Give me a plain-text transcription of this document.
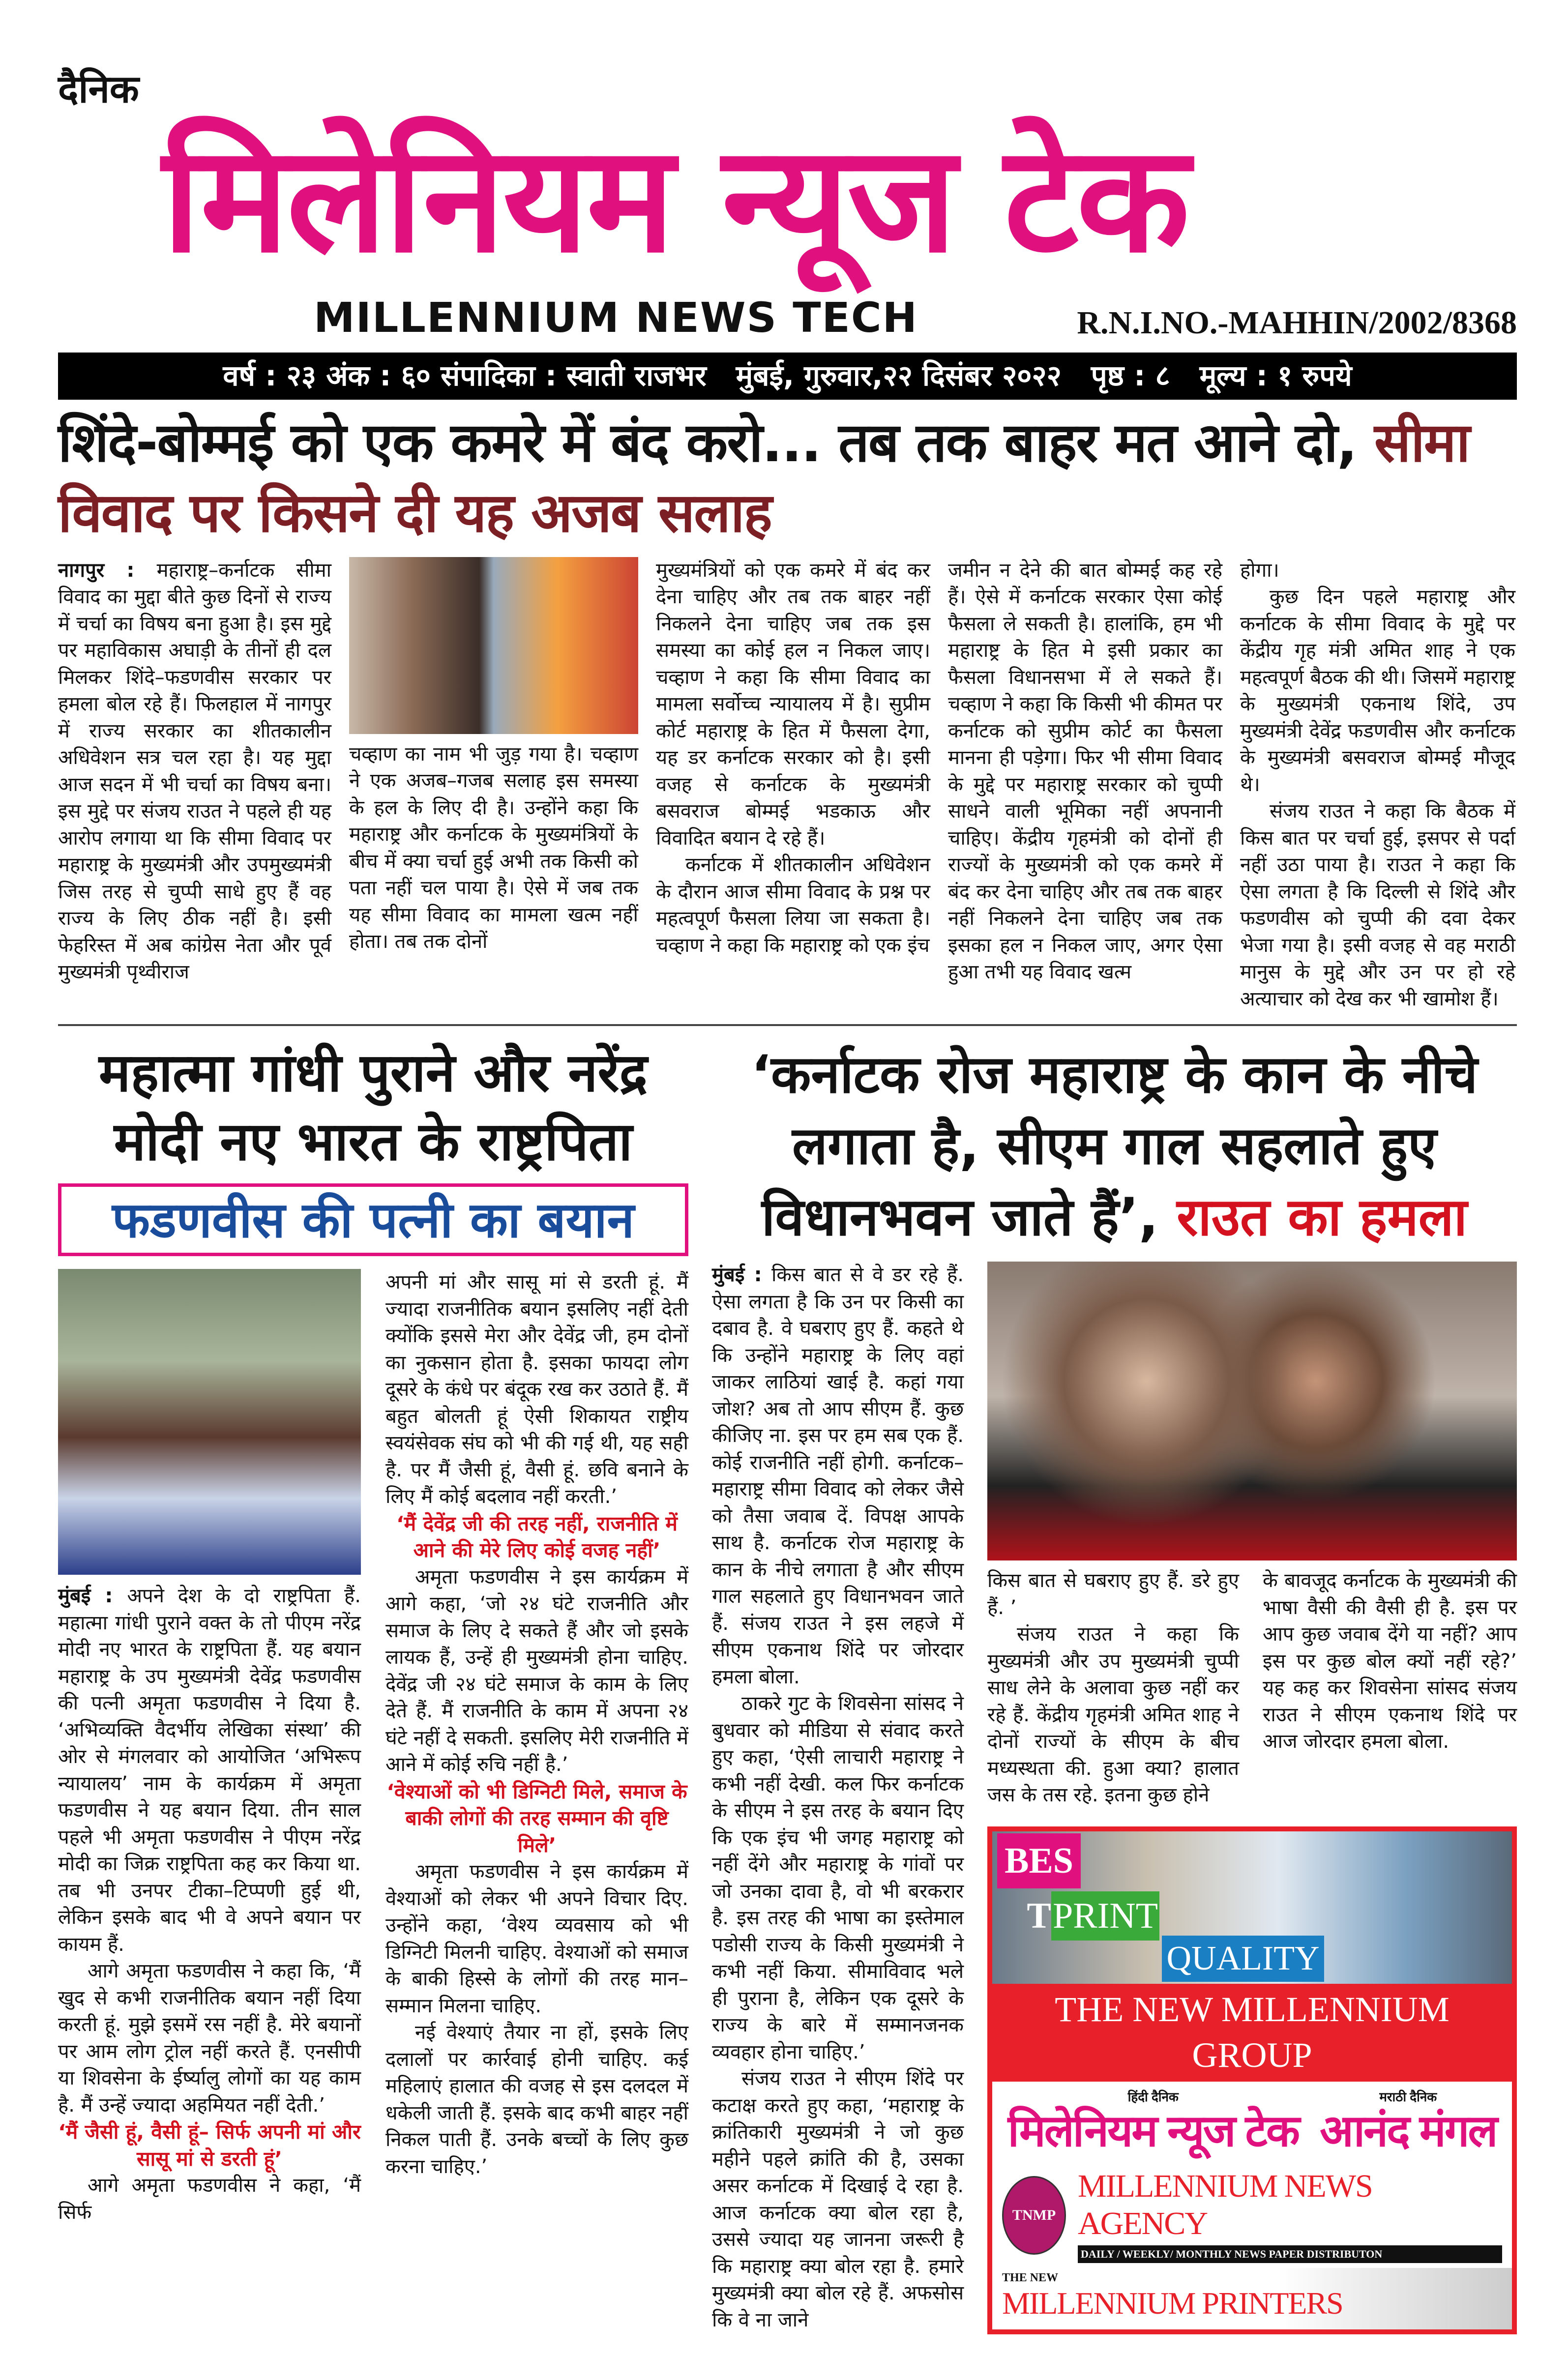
दैनिक
मिलेनियम न्यूज टेक
MILLENNIUM NEWS TECH	R.N.I.NO.-MAHHIN/2002/8368
वर्ष : २३ अंक : ६० संपादिका : स्वाती राजभर मुंबई, गुरुवार,२२ दिसंबर २०२२ पृष्ठ : ८ मूल्य : १ रुपये
शिंदे-बोम्मई को एक कमरे में बंद करो... तब तक बाहर मत आने दो, सीमा विवाद पर किसने दी यह अजब सलाह

नागपुर : महाराष्ट्र–कर्नाटक सीमा विवाद का मुद्दा बीते कुछ दिनों से राज्य में चर्चा का विषय बना हुआ है। इस मुद्दे पर महाविकास अघाड़ी के तीनों ही दल मिलकर शिंदे–फडणवीस सरकार पर हमला बोल रहे हैं। फिलहाल में नागपुर में राज्य सरकार का शीतकालीन अधिवेशन सत्र चल रहा है। यह मुद्दा आज सदन में भी चर्चा का विषय बना। इस मुद्दे पर संजय राउत ने पहले ही यह आरोप लगाया था कि सीमा विवाद पर महाराष्ट्र के मुख्यमंत्री और उपमुख्यमंत्री जिस तरह से चुप्पी साधे हुए हैं वह राज्य के लिए ठीक नहीं है। इसी फेहरिस्त में अब कांग्रेस नेता और पूर्व मुख्यमंत्री पृथ्वीराज

चव्हाण का नाम भी जुड़ गया है। चव्हाण ने एक अजब–गजब सलाह इस समस्या के हल के लिए दी है। उन्होंने कहा कि महाराष्ट्र और कर्नाटक के मुख्यमंत्रियों के बीच में क्या चर्चा हुई अभी तक किसी को पता नहीं चल पाया है। ऐसे में जब तक यह सीमा विवाद का मामला खत्म नहीं होता। तब तक दोनों

मुख्यमंत्रियों को एक कमरे में बंद कर देना चाहिए और तब तक बाहर नहीं निकलने देना चाहिए जब तक इस समस्या का कोई हल न निकल जाए। चव्हाण ने कहा कि सीमा विवाद का मामला सर्वोच्च न्यायालय में है। सुप्रीम कोर्ट महाराष्ट्र के हित में फैसला देगा, यह डर कर्नाटक सरकार को है। इसी वजह से कर्नाटक के मुख्यमंत्री बसवराज बोम्मई भडकाऊ और विवादित बयान दे रहे हैं।

कर्नाटक में शीतकालीन अधिवेशन के दौरान आज सीमा विवाद के प्रश्न पर महत्वपूर्ण फैसला लिया जा सकता है। चव्हाण ने कहा कि महाराष्ट्र को एक इंच

जमीन न देने की बात बोम्मई कह रहे हैं। ऐसे में कर्नाटक सरकार ऐसा कोई फैसला ले सकती है। हालांकि, हम भी महाराष्ट्र के हित मे इसी प्रकार का फैसला विधानसभा में ले सकते हैं। चव्हाण ने कहा कि किसी भी कीमत पर कर्नाटक को सुप्रीम कोर्ट का फैसला मानना ही पड़ेगा। फिर भी सीमा विवाद के मुद्दे पर महाराष्ट्र सरकार को चुप्पी साधने वाली भूमिका नहीं अपनानी चाहिए। केंद्रीय गृहमंत्री को दोनों ही राज्यों के मुख्यमंत्री को एक कमरे में बंद कर देना चाहिए और तब तक बाहर नहीं निकलने देना चाहिए जब तक इसका हल न निकल जाए, अगर ऐसा हुआ तभी यह विवाद खत्म

होगा।

कुछ दिन पहले महाराष्ट्र और कर्नाटक के सीमा विवाद के मुद्दे पर केंद्रीय गृह मंत्री अमित शाह ने एक महत्वपूर्ण बैठक की थी। जिसमें महाराष्ट्र के मुख्यमंत्री एकनाथ शिंदे, उप मुख्यमंत्री देवेंद्र फडणवीस और कर्नाटक के मुख्यमंत्री बसवराज बोम्मई मौजूद थे।

संजय राउत ने कहा कि बैठक में किस बात पर चर्चा हुई, इसपर से पर्दा नहीं उठा पाया है। राउत ने कहा कि ऐसा लगता है कि दिल्ली से शिंदे और फडणवीस को चुप्पी की दवा देकर भेजा गया है। इसी वजह से वह मराठी मानुस के मुद्दे और उन पर हो रहे अत्याचार को देख कर भी खामोश हैं।

महात्मा गांधी पुराने और नरेंद्र मोदी नए भारत के राष्ट्रपिता
फडणवीस की पत्नी का बयान

मुंबई : अपने देश के दो राष्ट्रपिता हैं. महात्मा गांधी पुराने वक्त के तो पीएम नरेंद्र मोदी नए भारत के राष्ट्रपिता हैं. यह बयान महाराष्ट्र के उप मुख्यमंत्री देवेंद्र फडणवीस की पत्नी अमृता फडणवीस ने दिया है. ‘अभिव्यक्ति वैदर्भीय लेखिका संस्था’ की ओर से मंगलवार को आयोजित ‘अभिरूप न्यायालय’ नाम के कार्यक्रम में अमृता फडणवीस ने यह बयान दिया. तीन साल पहले भी अमृता फडणवीस ने पीएम नरेंद्र मोदी का जिक्र राष्ट्रपिता कह कर किया था. तब भी उनपर टीका–टिप्पणी हुई थी, लेकिन इसके बाद भी वे अपने बयान पर कायम हैं.

आगे अमृता फडणवीस ने कहा कि, ‘मैं खुद से कभी राजनीतिक बयान नहीं दिया करती हूं. मुझे इसमें रस नहीं है. मेरे बयानों पर आम लोग ट्रोल नहीं करते हैं. एनसीपी या शिवसेना के ईर्ष्यालु लोगों का यह काम है. मैं उन्हें ज्यादा अहमियत नहीं देती.’

‘मैं जैसी हूं, वैसी हूं– सिर्फ अपनी मां और सासू मां से डरती हूं’

आगे अमृता फडणवीस ने कहा, ‘मैं सिर्फ

अपनी मां और सासू मां से डरती हूं. मैं ज्यादा राजनीतिक बयान इसलिए नहीं देती क्योंकि इससे मेरा और देवेंद्र जी, हम दोनों का नुकसान होता है. इसका फायदा लोग दूसरे के कंधे पर बंदूक रख कर उठाते हैं. मैं बहुत बोलती हूं ऐसी शिकायत राष्ट्रीय स्वयंसेवक संघ को भी की गई थी, यह सही है. पर मैं जैसी हूं, वैसी हूं. छवि बनाने के लिए मैं कोई बदलाव नहीं करती.’

‘मैं देवेंद्र जी की तरह नहीं, राजनीति में आने की मेरे लिए कोई वजह नहीं’

अमृता फडणवीस ने इस कार्यक्रम में आगे कहा, ‘जो २४ घंटे राजनीति और समाज के लिए दे सकते हैं और जो इसके लायक हैं, उन्हें ही मुख्यमंत्री होना चाहिए. देवेंद्र जी २४ घंटे समाज के काम के लिए देते हैं. मैं राजनीति के काम में अपना २४ घंटे नहीं दे सकती. इसलिए मेरी राजनीति में आने में कोई रुचि नहीं है.’

‘वेश्याओं को भी डिग्निटी मिले, समाज के बाकी लोगों की तरह सम्मान की वृष्टि मिले’

अमृता फडणवीस ने इस कार्यक्रम में वेश्याओं को लेकर भी अपने विचार दिए. उन्होंने कहा, ‘वेश्य व्यवसाय को भी डिग्निटी मिलनी चाहिए. वेश्याओं को समाज के बाकी हिस्से के लोगों की तरह मान–सम्मान मिलना चाहिए.

नई वेश्याएं तैयार ना हों, इसके लिए दलालों पर कार्रवाई होनी चाहिए. कई महिलाएं हालात की वजह से इस दलदल में धकेली जाती हैं. इसके बाद कभी बाहर नहीं निकल पाती हैं. उनके बच्चों के लिए कुछ करना चाहिए.’

‘कर्नाटक रोज महाराष्ट्र के कान के नीचे लगाता है, सीएम गाल सहलाते हुए विधानभवन जाते हैं’, राउत का हमला

मुंबई : किस बात से वे डर रहे हैं. ऐसा लगता है कि उन पर किसी का दबाव है. वे घबराए हुए हैं. कहते थे कि उन्होंने महाराष्ट्र के लिए वहां जाकर लाठियां खाई है. कहां गया जोश? अब तो आप सीएम हैं. कुछ कीजिए ना. इस पर हम सब एक हैं. कोई राजनीति नहीं होगी. कर्नाटक–महाराष्ट्र सीमा विवाद को लेकर जैसे को तैसा जवाब दें. विपक्ष आपके साथ है. कर्नाटक रोज महाराष्ट्र के कान के नीचे लगाता है और सीएम गाल सहलाते हुए विधानभवन जाते हैं. संजय राउत ने इस लहजे में सीएम एकनाथ शिंदे पर जोरदार हमला बोला.

ठाकरे गुट के शिवसेना सांसद ने बुधवार को मीडिया से संवाद करते हुए कहा, ‘ऐसी लाचारी महाराष्ट्र ने कभी नहीं देखी. कल फिर कर्नाटक के सीएम ने इस तरह के बयान दिए कि एक इंच भी जगह महाराष्ट्र को नहीं देंगे और महाराष्ट्र के गांवों पर जो उनका दावा है, वो भी बरकरार है. इस तरह की भाषा का इस्तेमाल पडोसी राज्य के किसी मुख्यमंत्री ने कभी नहीं किया. सीमाविवाद भले ही पुराना है, लेकिन एक दूसरे के राज्य के बारे में सम्मानजनक व्यवहार होना चाहिए.’

संजय राउत ने सीएम शिंदे पर कटाक्ष करते हुए कहा, ‘महाराष्ट्र के क्रांतिकारी मुख्यमंत्री ने जो कुछ महीने पहले क्रांति की है, उसका असर कर्नाटक में दिखाई दे रहा है. आज कर्नाटक क्या बोल रहा है, उससे ज्यादा यह जानना जरूरी है कि महाराष्ट्र क्या बोल रहा है. हमारे मुख्यमंत्री क्या बोल रहे हैं. अफसोस कि वे ना जाने

किस बात से घबराए हुए हैं. डरे हुए हैं. ’

संजय राउत ने कहा कि मुख्यमंत्री और उप मुख्यमंत्री चुप्पी साध लेने के अलावा कुछ नहीं कर रहे हैं. केंद्रीय गृहमंत्री अमित शाह ने दोनों राज्यों के सीएम के बीच मध्यस्थता की. हुआ क्या? हालात जस के तस रहे. इतना कुछ होने

के बावजूद कर्नाटक के मुख्यमंत्री की भाषा वैसी की वैसी ही है. इस पर आप कुछ जवाब देंगे या नहीं? आप इस पर कुछ बोल क्यों नहीं रहे?’ यह कह कर शिवसेना सांसद संजय राउत ने सीएम एकनाथ शिंदे पर आज जोरदार हमला बोला.

BEST PRINT
QUALITY
THE NEW MILLENNIUM GROUP
हिंदी दैनिक
मिलेनियम न्यूज टेक
मराठी दैनिक
आनंद मंगल
TNMP
MILLENNIUM NEWS AGENCY
DAILY / WEEKLY/ MONTHLY NEWS PAPER DISTRIBUTON
THE NEW
MILLENNIUM PRINTERS
